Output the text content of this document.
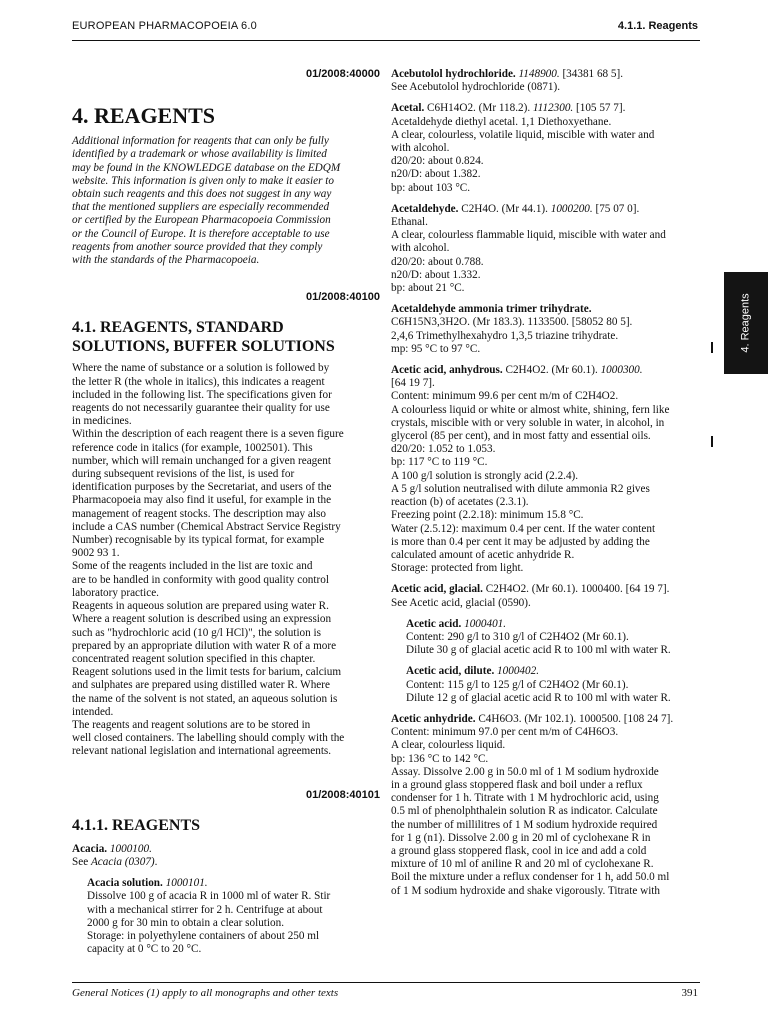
EUROPEAN PHARMACOPOEIA 6.0	4.1.1. Reagents
General Notices (1) apply to all monographs and other texts	391
4. Reagents
01/2008:40000
4. REAGENTS
Additional information for reagents that can only be fully
identified by a trademark or whose availability is limited
may be found in the KNOWLEDGE database on the EDQM
website. This information is given only to make it easier to
obtain such reagents and this does not suggest in any way
that the mentioned suppliers are especially recommended
or certified by the European Pharmacopoeia Commission
or the Council of Europe. It is therefore acceptable to use
reagents from another source provided that they comply
with the standards of the Pharmacopoeia.
01/2008:40100
4.1. REAGENTS, STANDARD
SOLUTIONS, BUFFER SOLUTIONS
Where the name of substance or a solution is followed by
the letter R (the whole in italics), this indicates a reagent
included in the following list. The specifications given for
reagents do not necessarily guarantee their quality for use
in medicines.
Within the description of each reagent there is a seven figure
reference code in italics (for example, 1002501). This
number, which will remain unchanged for a given reagent
during subsequent revisions of the list, is used for
identification purposes by the Secretariat, and users of the
Pharmacopoeia may also find it useful, for example in the
management of reagent stocks. The description may also
include a CAS number (Chemical Abstract Service Registry
Number) recognisable by its typical format, for example
9002 93 1.
Some of the reagents included in the list are toxic and
are to be handled in conformity with good quality control
laboratory practice.
Reagents in aqueous solution are prepared using water R.
Where a reagent solution is described using an expression
such as "hydrochloric acid (10 g/l HCl)", the solution is
prepared by an appropriate dilution with water R of a more
concentrated reagent solution specified in this chapter.
Reagent solutions used in the limit tests for barium, calcium
and sulphates are prepared using distilled water R. Where
the name of the solvent is not stated, an aqueous solution is
intended.
The reagents and reagent solutions are to be stored in
well closed containers. The labelling should comply with the
relevant national legislation and international agreements.
01/2008:40101
4.1.1. REAGENTS
Acacia. 1000100.
See Acacia (0307).
Acacia solution. 1000101.
Dissolve 100 g of acacia R in 1000 ml of water R. Stir
with a mechanical stirrer for 2 h. Centrifuge at about
2000 g for 30 min to obtain a clear solution.
Storage: in polyethylene containers of about 250 ml
capacity at 0 °C to 20 °C.
Acebutolol hydrochloride. 1148900. [34381 68 5].
See Acebutolol hydrochloride (0871).
Acetal. C6H14O2. (Mr 118.2). 1112300. [105 57 7].
Acetaldehyde diethyl acetal. 1,1 Diethoxyethane.
A clear, colourless, volatile liquid, miscible with water and
with alcohol.
d20/20: about 0.824.
n20/D: about 1.382.
bp: about 103 °C.
Acetaldehyde. C2H4O. (Mr 44.1). 1000200. [75 07 0].
Ethanal.
A clear, colourless flammable liquid, miscible with water and
with alcohol.
d20/20: about 0.788.
n20/D: about 1.332.
bp: about 21 °C.
Acetaldehyde ammonia trimer trihydrate.
C6H15N3,3H2O. (Mr 183.3). 1133500. [58052 80 5].
2,4,6 Trimethylhexahydro 1,3,5 triazine trihydrate.
mp: 95 °C to 97 °C.
Acetic acid, anhydrous. C2H4O2. (Mr 60.1). 1000300.
[64 19 7].
Content: minimum 99.6 per cent m/m of C2H4O2.
A colourless liquid or white or almost white, shining, fern like
crystals, miscible with or very soluble in water, in alcohol, in
glycerol (85 per cent), and in most fatty and essential oils.
d20/20: 1.052 to 1.053.
bp: 117 °C to 119 °C.
A 100 g/l solution is strongly acid (2.2.4).
A 5 g/l solution neutralised with dilute ammonia R2 gives
reaction (b) of acetates (2.3.1).
Freezing point (2.2.18): minimum 15.8 °C.
Water (2.5.12): maximum 0.4 per cent. If the water content
is more than 0.4 per cent it may be adjusted by adding the
calculated amount of acetic anhydride R.
Storage: protected from light.
Acetic acid, glacial. C2H4O2. (Mr 60.1). 1000400. [64 19 7].
See Acetic acid, glacial (0590).
Acetic acid. 1000401.
Content: 290 g/l to 310 g/l of C2H4O2 (Mr 60.1).
Dilute 30 g of glacial acetic acid R to 100 ml with water R.
Acetic acid, dilute. 1000402.
Content: 115 g/l to 125 g/l of C2H4O2 (Mr 60.1).
Dilute 12 g of glacial acetic acid R to 100 ml with water R.
Acetic anhydride. C4H6O3. (Mr 102.1). 1000500. [108 24 7].
Content: minimum 97.0 per cent m/m of C4H6O3.
A clear, colourless liquid.
bp: 136 °C to 142 °C.
Assay. Dissolve 2.00 g in 50.0 ml of 1 M sodium hydroxide
in a ground glass stoppered flask and boil under a reflux
condenser for 1 h. Titrate with 1 M hydrochloric acid, using
0.5 ml of phenolphthalein solution R as indicator. Calculate
the number of millilitres of 1 M sodium hydroxide required
for 1 g (n1). Dissolve 2.00 g in 20 ml of cyclohexane R in
a ground glass stoppered flask, cool in ice and add a cold
mixture of 10 ml of aniline R and 20 ml of cyclohexane R.
Boil the mixture under a reflux condenser for 1 h, add 50.0 ml
of 1 M sodium hydroxide and shake vigorously. Titrate with
